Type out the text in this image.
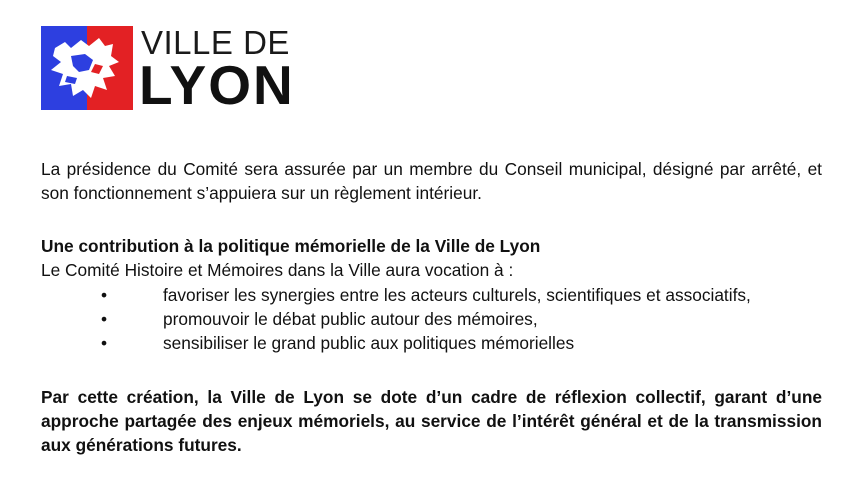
VILLE DE
LYON

La présidence du Comité sera assurée par un membre du Conseil municipal, désigné par arrêté, et son fonctionnement s’appuiera sur un règlement intérieur.

Une contribution à la politique mémorielle de la Ville de Lyon

Le Comité Histoire et Mémoires dans la Ville aura vocation à :

•	favoriser les synergies entre les acteurs culturels, scientifiques et associatifs,
•	promouvoir le débat public autour des mémoires,
•	sensibiliser le grand public aux politiques mémorielles

Par cette création, la Ville de Lyon se dote d’un cadre de réflexion collectif, garant d’une approche partagée des enjeux mémoriels, au service de l’intérêt général et de la transmission aux générations futures.
